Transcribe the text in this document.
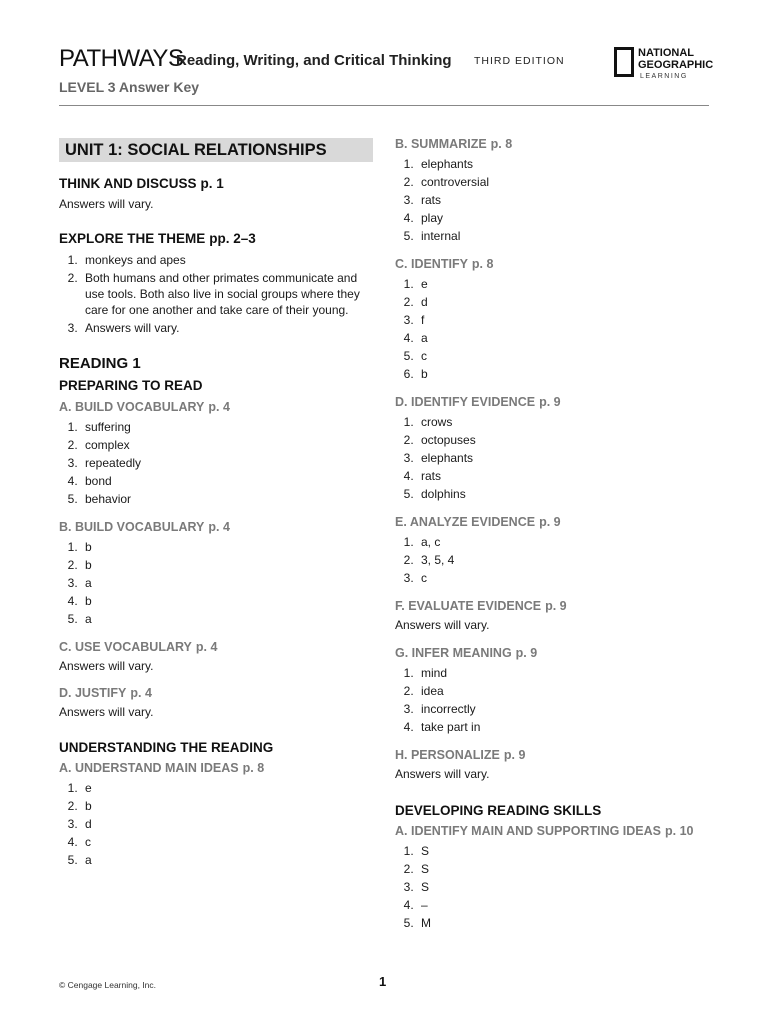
PATHWAYS
Reading, Writing, and Critical Thinking THIRD EDITION
LEVEL 3 Answer Key
NATIONAL
GEOGRAPHIC
LEARNING
UNIT 1: SOCIAL RELATIONSHIPS
THINK AND DISCUSS p. 1

Answers will vary.

EXPLORE THE THEME pp. 2–3
1. monkeys and apes
2. Both humans and other primates communicate and use tools. Both also live in social groups where they care for one another and take care of their young.
3. Answers will vary.
READING 1
PREPARING TO READ
A. BUILD VOCABULARY p. 4
1. suffering
2. complex
3. repeatedly
4. bond
5. behavior
B. BUILD VOCABULARY p. 4
1. b
2. b
3. a
4. b
5. a
C. USE VOCABULARY p. 4

Answers will vary.

D. JUSTIFY p. 4

Answers will vary.

UNDERSTANDING THE READING
A. UNDERSTAND MAIN IDEAS p. 8
1. e
2. b
3. d
4. c
5. a
B. SUMMARIZE p. 8
1. elephants
2. controversial
3. rats
4. play
5. internal
C. IDENTIFY p. 8
1. e
2. d
3. f
4. a
5. c
6. b
D. IDENTIFY EVIDENCE p. 9
1. crows
2. octopuses
3. elephants
4. rats
5. dolphins
E. ANALYZE EVIDENCE p. 9
1. a, c
2. 3, 5, 4
3. c
F. EVALUATE EVIDENCE p. 9

Answers will vary.

G. INFER MEANING p. 9
1. mind
2. idea
3. incorrectly
4. take part in
H. PERSONALIZE p. 9

Answers will vary.

DEVELOPING READING SKILLS
A. IDENTIFY MAIN AND SUPPORTING IDEAS p. 10
1. S
2. S
3. S
4. –
5. M
© Cengage Learning, Inc.	1
